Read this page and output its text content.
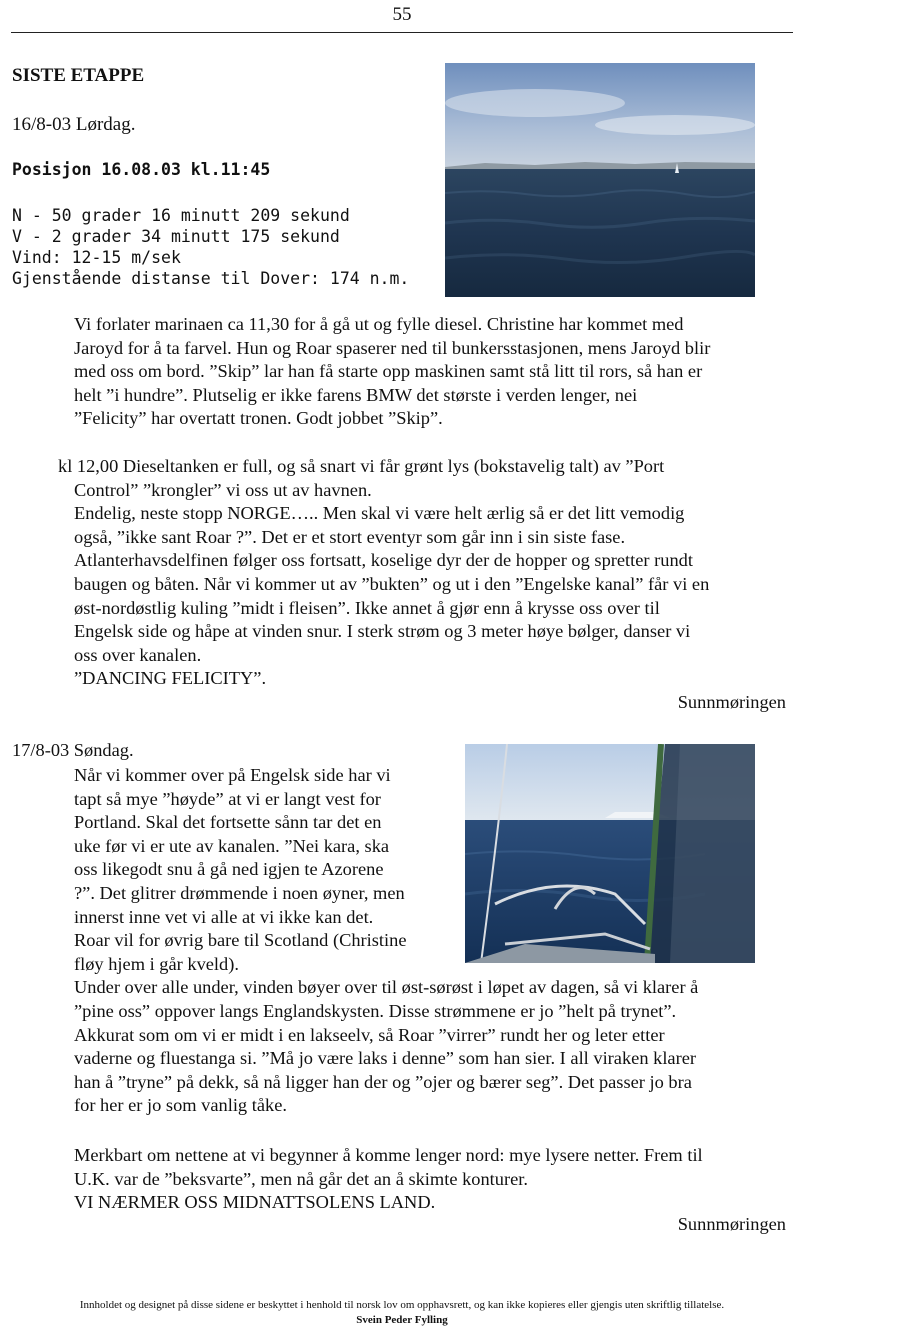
55
SISTE ETAPPE
16/8-03 Lørdag.
Posisjon 16.08.03 kl.11:45
N - 50 grader 16 minutt 209 sekund
V - 2 grader 34 minutt 175 sekund
Vind: 12-15 m/sek
Gjenstående distanse til Dover: 174 n.m.
Vi forlater marinaen ca 11,30 for å gå ut og fylle diesel. Christine har kommet med
Jaroyd for å ta farvel. Hun og Roar spaserer ned til bunkersstasjonen, mens Jaroyd blir
med oss om bord. ”Skip” lar han få starte opp maskinen samt stå litt til rors, så han er
helt ”i hundre”. Plutselig er ikke farens BMW det største i verden lenger, nei
”Felicity” har overtatt tronen. Godt jobbet ”Skip”.
kl 12,00 Dieseltanken er full, og så snart vi får grønt lys (bokstavelig talt) av ”Port
Control” ”krongler” vi oss ut av havnen.
Endelig, neste stopp NORGE….. Men skal vi være helt ærlig så er det litt vemodig
også, ”ikke sant Roar ?”. Det er et stort eventyr som går inn i sin siste fase.
Atlanterhavsdelfinen følger oss fortsatt, koselige dyr der de hopper og spretter rundt
baugen og båten. Når vi kommer ut av ”bukten” og ut i den ”Engelske kanal” får vi en
øst-nordøstlig kuling ”midt i fleisen”. Ikke annet å gjør enn å krysse oss over til
Engelsk side og håpe at vinden snur. I sterk strøm og 3 meter høye bølger, danser vi
oss over kanalen.
”DANCING FELICITY”.
Sunnmøringen
17/8-03 Søndag.
Når vi kommer over på Engelsk side har vi
tapt så mye ”høyde” at vi er langt vest for
Portland. Skal det fortsette sånn tar det en
uke før vi er ute av kanalen. ”Nei kara, ska
oss likegodt snu å gå ned igjen te Azorene
?”. Det glitrer drømmende i noen øyner, men
innerst inne vet vi alle at vi ikke kan det.
Roar vil for øvrig bare til Scotland (Christine
fløy hjem i går kveld).
Under over alle under, vinden bøyer over til øst-sørøst i løpet av dagen, så vi klarer å
”pine oss” oppover langs Englandskysten. Disse strømmene er jo ”helt på trynet”.
Akkurat som om vi er midt i en lakseelv, så Roar ”virrer” rundt her og leter etter
vaderne og fluestanga si. ”Må jo være laks i denne” som han sier. I all viraken klarer
han å ”tryne” på dekk, så nå ligger han der og ”ojer og bærer seg”. Det passer jo bra
for her er jo som vanlig tåke.
Merkbart om nettene at vi begynner å komme lenger nord: mye lysere netter. Frem til
U.K. var de ”beksvarte”, men nå går det an å skimte konturer.
VI NÆRMER OSS MIDNATTSOLENS LAND.
Sunnmøringen
Innholdet og designet på disse sidene er beskyttet i henhold til norsk lov om opphavsrett, og kan ikke kopieres eller gjengis uten skriftlig tillatelse.
Svein Peder Fylling
